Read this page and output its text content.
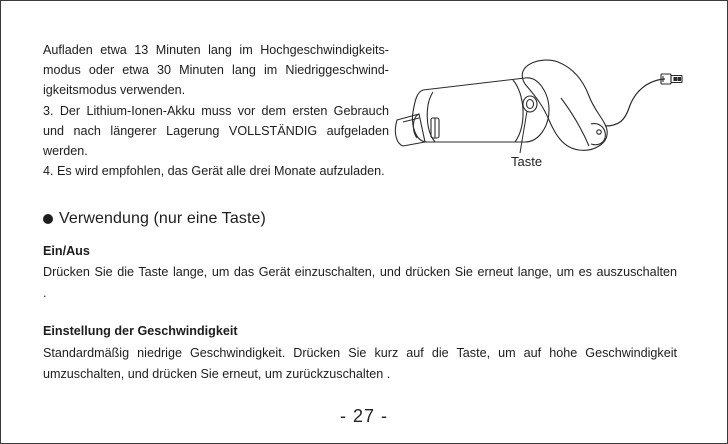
Aufladen etwa 13 Minuten lang im Hochgeschwindigkeits-

modus oder etwa 30 Minuten lang im Niedriggeschwind-

igkeitsmodus verwenden.

3. Der Lithium-Ionen-Akku muss vor dem ersten Gebrauch

und nach längerer Lagerung VOLLSTÄNDIG aufgeladen

werden.

4. Es wird empfohlen, das Gerät alle drei Monate aufzuladen.

Taste
Verwendung (nur eine Taste)
Ein/Aus

Drücken Sie die Taste lange, um das Gerät einzuschalten, und drücken Sie erneut lange, um es auszuschalten

.

Einstellung der Geschwindigkeit

Standardmäßig niedrige Geschwindigkeit. Drücken Sie kurz auf die Taste, um auf hohe Geschwindigkeit

umzuschalten, und drücken Sie erneut, um zurückzuschalten .

- 27 -
